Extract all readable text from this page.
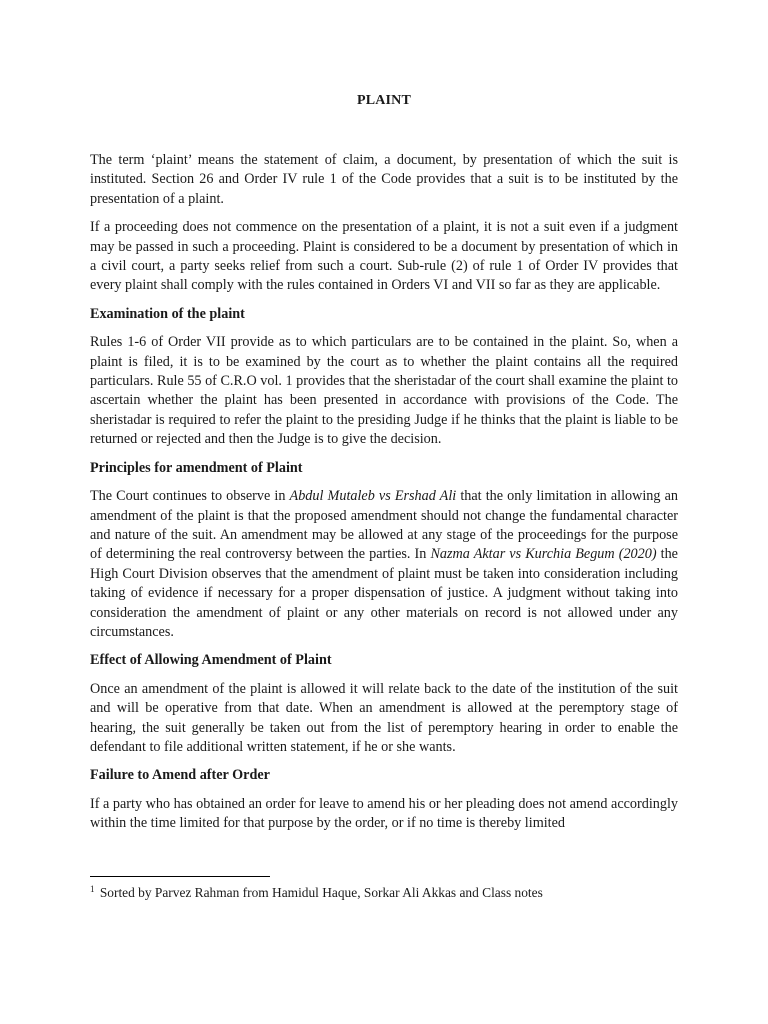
PLAINT

The term ‘plaint’ means the statement of claim, a document, by presentation of which the suit is instituted. Section 26 and Order IV rule 1 of the Code provides that a suit is to be instituted by the presentation of a plaint.

If a proceeding does not commence on the presentation of a plaint, it is not a suit even if a judgment may be passed in such a proceeding. Plaint is considered to be a document by presentation of which in a civil court, a party seeks relief from such a court. Sub-rule (2) of rule 1 of Order IV provides that every plaint shall comply with the rules contained in Orders VI and VII so far as they are applicable.

Examination of the plaint

Rules 1-6 of Order VII provide as to which particulars are to be contained in the plaint. So, when a plaint is filed, it is to be examined by the court as to whether the plaint contains all the required particulars. Rule 55 of C.R.O vol. 1 provides that the sheristadar of the court shall examine the plaint to ascertain whether the plaint has been presented in accordance with provisions of the Code. The sheristadar is required to refer the plaint to the presiding Judge if he thinks that the plaint is liable to be returned or rejected and then the Judge is to give the decision.

Principles for amendment of Plaint

The Court continues to observe in Abdul Mutaleb vs Ershad Ali that the only limitation in allowing an amendment of the plaint is that the proposed amendment should not change the fundamental character and nature of the suit. An amendment may be allowed at any stage of the proceedings for the purpose of determining the real controversy between the parties. In Nazma Aktar vs Kurchia Begum (2020) the High Court Division observes that the amendment of plaint must be taken into consideration including taking of evidence if necessary for a proper dispensation of justice. A judgment without taking into consideration the amendment of plaint or any other materials on record is not allowed under any circumstances.

Effect of Allowing Amendment of Plaint

Once an amendment of the plaint is allowed it will relate back to the date of the institution of the suit and will be operative from that date. When an amendment is allowed at the peremptory stage of hearing, the suit generally be taken out from the list of peremptory hearing in order to enable the defendant to file additional written statement, if he or she wants.

Failure to Amend after Order

If a party who has obtained an order for leave to amend his or her pleading does not amend accordingly within the time limited for that purpose by the order, or if no time is thereby limited

$^1$ Sorted by Parvez Rahman from Hamidul Haque, Sorkar Ali Akkas and Class notes
